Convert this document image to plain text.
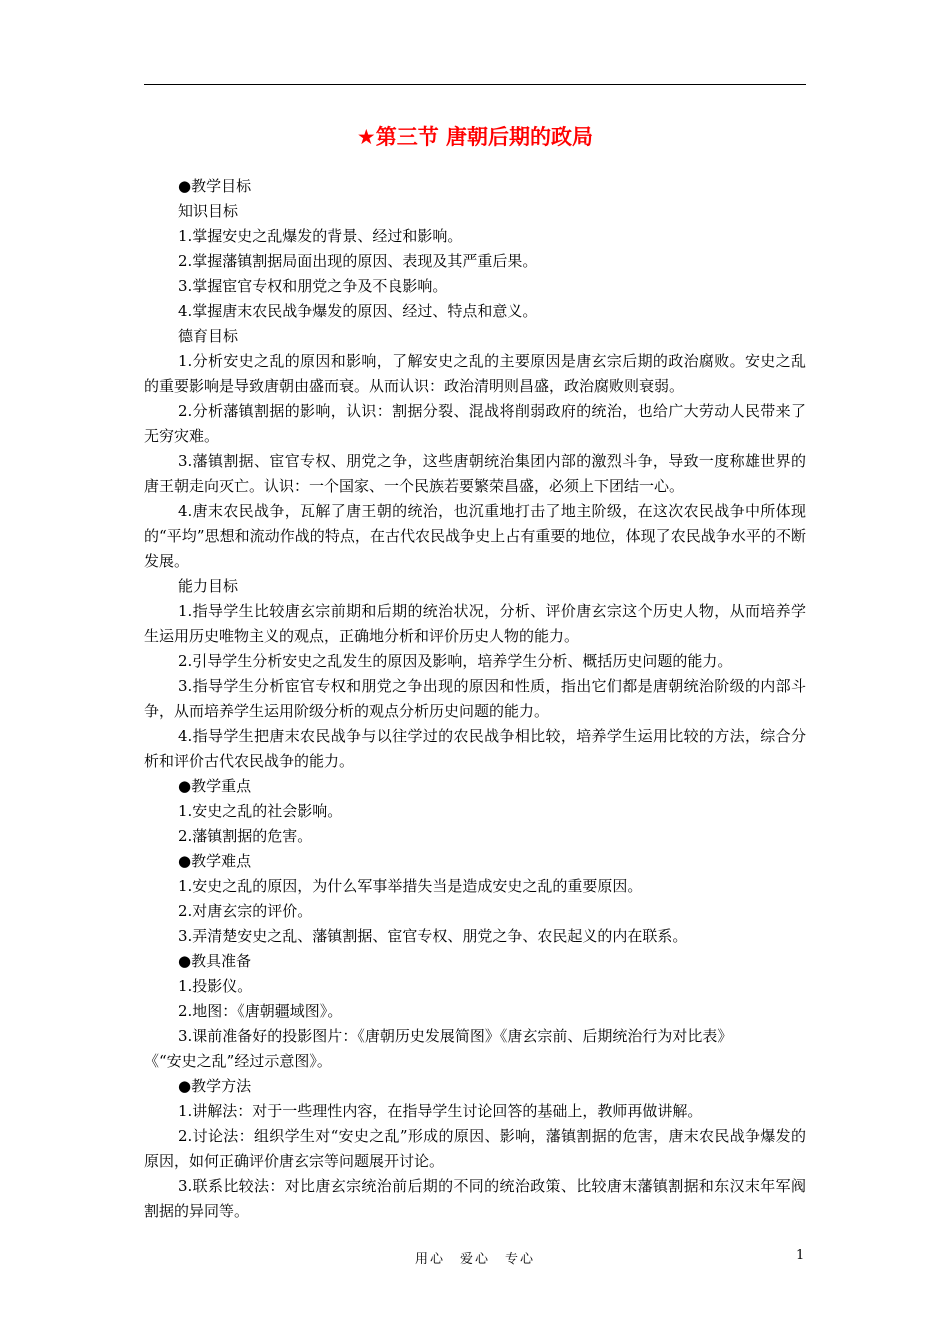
★第三节 唐朝后期的政局

●教学目标

知识目标

1.掌握安史之乱爆发的背景、经过和影响。

2.掌握藩镇割据局面出现的原因、表现及其严重后果。

3.掌握宦官专权和朋党之争及不良影响。

4.掌握唐末农民战争爆发的原因、经过、特点和意义。

德育目标

1.分析安史之乱的原因和影响，了解安史之乱的主要原因是唐玄宗后期的政治腐败。安史之乱的重要影响是导致唐朝由盛而衰。从而认识：政治清明则昌盛，政治腐败则衰弱。

2.分析藩镇割据的影响，认识：割据分裂、混战将削弱政府的统治，也给广大劳动人民带来了无穷灾难。

3.藩镇割据、宦官专权、朋党之争，这些唐朝统治集团内部的激烈斗争，导致一度称雄世界的唐王朝走向灭亡。认识：一个国家、一个民族若要繁荣昌盛，必须上下团结一心。

4.唐末农民战争，瓦解了唐王朝的统治，也沉重地打击了地主阶级，在这次农民战争中所体现的“平均”思想和流动作战的特点，在古代农民战争史上占有重要的地位，体现了农民战争水平的不断发展。

能力目标

1.指导学生比较唐玄宗前期和后期的统治状况，分析、评价唐玄宗这个历史人物，从而培养学生运用历史唯物主义的观点，正确地分析和评价历史人物的能力。

2.引导学生分析安史之乱发生的原因及影响，培养学生分析、概括历史问题的能力。

3.指导学生分析宦官专权和朋党之争出现的原因和性质，指出它们都是唐朝统治阶级的内部斗争，从而培养学生运用阶级分析的观点分析历史问题的能力。

4.指导学生把唐末农民战争与以往学过的农民战争相比较，培养学生运用比较的方法，综合分析和评价古代农民战争的能力。

●教学重点

1.安史之乱的社会影响。

2.藩镇割据的危害。

●教学难点

1.安史之乱的原因，为什么军事举措失当是造成安史之乱的重要原因。

2.对唐玄宗的评价。

3.弄清楚安史之乱、藩镇割据、宦官专权、朋党之争、农民起义的内在联系。

●教具准备

1.投影仪。

2.地图：《唐朝疆域图》。

3.课前准备好的投影图片：《唐朝历史发展简图》《唐玄宗前、后期统治行为对比表》

《“安史之乱”经过示意图》。

●教学方法

1.讲解法：对于一些理性内容，在指导学生讨论回答的基础上，教师再做讲解。

2.讨论法：组织学生对“安史之乱”形成的原因、影响，藩镇割据的危害，唐末农民战争爆发的原因，如何正确评价唐玄宗等问题展开讨论。

3.联系比较法：对比唐玄宗统治前后期的不同的统治政策、比较唐末藩镇割据和东汉末年军阀割据的异同等。

用心　爱心　专心	1
